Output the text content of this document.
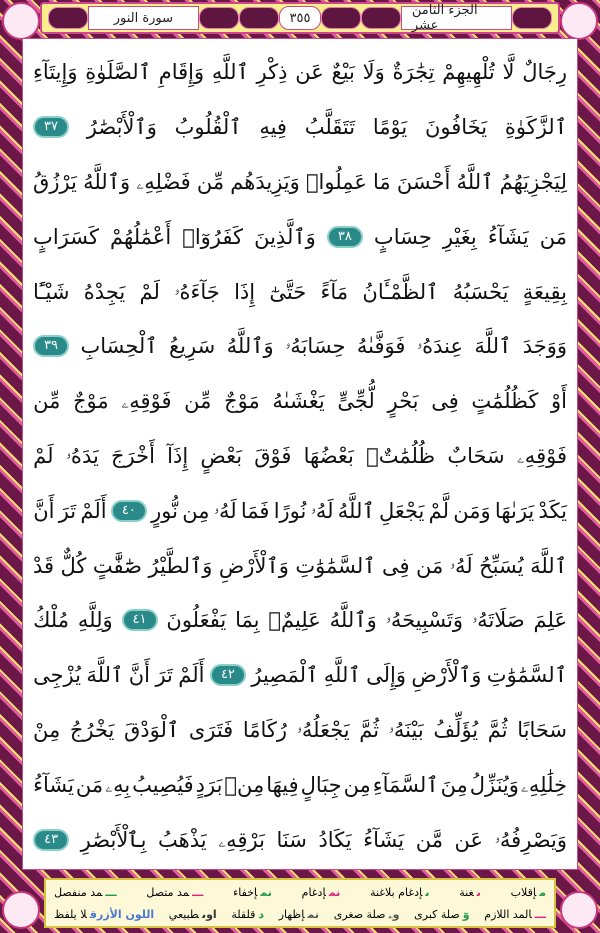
سورة النور	٣٥٥	الجزء الثامن عشر
رِجَالٌ
لَّا
تُلْهِيهِمْ
تِجَٰرَةٌ
وَلَا
بَيْعٌ
عَن
ذِكْرِ
ٱللَّهِ
وَإِقَامِ
ٱلصَّلَوٰةِ
وَإِيتَآءِ
ٱلزَّكَوٰةِ
يَخَافُونَ
يَوْمًا
تَتَقَلَّبُ
فِيهِ
ٱلْقُلُوبُ
وَٱلْأَبْصَٰرُ
٣٧
لِيَجْزِيَهُمُ
ٱللَّهُ
أَحْسَنَ
مَا
عَمِلُوا۟
وَيَزِيدَهُم
مِّن
فَضْلِهِۦ
وَٱللَّهُ
يَرْزُقُ
مَن
يَشَآءُ
بِغَيْرِ
حِسَابٍ
٣٨
وَٱلَّذِينَ
كَفَرُوٓا۟
أَعْمَٰلُهُمْ
كَسَرَابٍ
بِقِيعَةٍ
يَحْسَبُهُ
ٱلظَّمْـَٔانُ
مَآءً
حَتَّىٰٓ
إِذَا
جَآءَهُۥ
لَمْ
يَجِدْهُ
شَيْـًٔا
وَوَجَدَ
ٱللَّهَ
عِندَهُۥ
فَوَفَّىٰهُ
حِسَابَهُۥ
وَٱللَّهُ
سَرِيعُ
ٱلْحِسَابِ
٣٩
أَوْ
كَظُلُمَٰتٍ
فِى
بَحْرٍ
لُّجِّىٍّ
يَغْشَىٰهُ
مَوْجٌ
مِّن
فَوْقِهِۦ
مَوْجٌ
مِّن
فَوْقِهِۦ
سَحَابٌ
ظُلُمَٰتٌۢ
بَعْضُهَا
فَوْقَ
بَعْضٍ
إِذَآ
أَخْرَجَ
يَدَهُۥ
لَمْ
يَكَدْ
يَرَىٰهَا
وَمَن
لَّمْ
يَجْعَلِ
ٱللَّهُ
لَهُۥ
نُورًا
فَمَا
لَهُۥ
مِن
نُّورٍ
٤٠
أَلَمْ
تَرَ
أَنَّ
ٱللَّهَ
يُسَبِّحُ
لَهُۥ
مَن
فِى
ٱلسَّمَٰوَٰتِ
وَٱلْأَرْضِ
وَٱلطَّيْرُ
صَٰٓفَّٰتٍ
كُلٌّ
قَدْ
عَلِمَ
صَلَاتَهُۥ
وَتَسْبِيحَهُۥ
وَٱللَّهُ
عَلِيمٌۢ
بِمَا
يَفْعَلُونَ
٤١
وَلِلَّهِ
مُلْكُ
ٱلسَّمَٰوَٰتِ
وَٱلْأَرْضِ
وَإِلَى
ٱللَّهِ
ٱلْمَصِيرُ
٤٢
أَلَمْ
تَرَ
أَنَّ
ٱللَّهَ
يُزْجِى
سَحَابًا
ثُمَّ
يُؤَلِّفُ
بَيْنَهُۥ
ثُمَّ
يَجْعَلُهُۥ
رُكَامًا
فَتَرَى
ٱلْوَدْقَ
يَخْرُجُ
مِنْ
خِلَٰلِهِۦ
وَيُنَزِّلُ
مِنَ
ٱلسَّمَآءِ
مِن
جِبَالٍ
فِيهَا
مِنۢ
بَرَدٍ
فَيُصِيبُ
بِهِۦ
مَن
يَشَآءُ
وَيَصْرِفُهُۥ
عَن
مَّن
يَشَآءُ
يَكَادُ
سَنَا
بَرْقِهِۦ
يَذْهَبُ
بِٱلْأَبْصَٰرِ
٤٣
مإقلاب
ںغنة
ںإدغام بلاغنة
نمإدغام
نمإخفاء
ـــمد متصل
ـــمد منفصل
ـــالمد اللازم
وٓصلة كبرى
وۦصلة صغرى
نمإظهار
دقلقلة
اوىطبيعي
اللون الأزرقلا يلفظ
